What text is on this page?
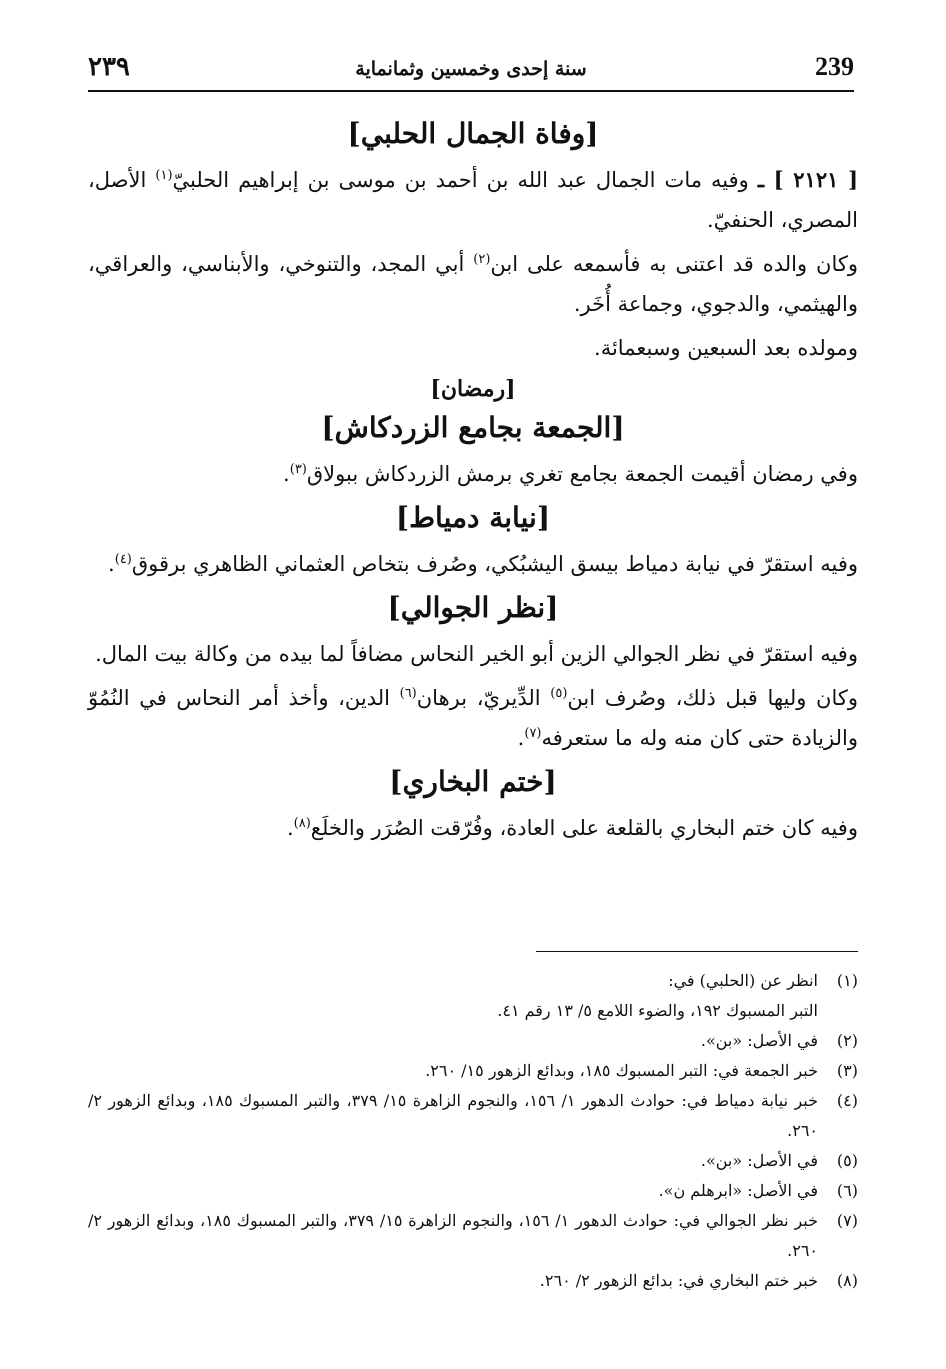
٢٣٩	سنة إحدى وخمسين وثمانماية	239
[وفاة الجمال الحلبي]

[ ٢١٢١ ] ـ وفيه مات الجمال عبد الله بن أحمد بن موسى بن إبراهيم الحلبيّ$^{(١)}$ الأصل، المصري، الحنفيّ.

وكان والده قد اعتنى به فأسمعه على ابن$^{(٢)}$ أبي المجد، والتنوخي، والأبناسي، والعراقي، والهيثمي، والدجوي، وجماعة أُخَر.

ومولده بعد السبعين وسبعمائة.

[رمضان]
[الجمعة بجامع الزردكاش]

وفي رمضان أقيمت الجمعة بجامع تغري برمش الزردكاش ببولاق$^{(٣)}$.

[نيابة دمياط]

وفيه استقرّ في نيابة دمياط بيسق اليشبُكي، وصُرف بتخاص العثماني الظاهري برقوق$^{(٤)}$.

[نظر الجوالي]

وفيه استقرّ في نظر الجوالي الزين أبو الخير النحاس مضافاً لما بيده من وكالة بيت المال.

وكان وليها قبل ذلك، وصُرف ابن$^{(٥)}$ الدِّيريّ، برهان$^{(٦)}$ الدين، وأخذ أمر النحاس في النُمُوّ والزيادة حتى كان منه وله ما ستعرفه$^{(٧)}$.

[ختم البخاري]

وفيه كان ختم البخاري بالقلعة على العادة، وفُرّقت الصُرَر والخلَع$^{(٨)}$.

(١)
انظر عن (الحلبي) في:
التبر المسبوك ١٩٢، والضوء اللامع ٥/ ١٣ رقم ٤١.
(٢)
في الأصل: «بن».
(٣)
خبر الجمعة في: التبر المسبوك ١٨٥، وبدائع الزهور ١٥/ ٢٦٠.
(٤)
خبر نيابة دمياط في: حوادث الدهور ١/ ١٥٦، والنجوم الزاهرة ١٥/ ٣٧٩، والتبر المسبوك ١٨٥، وبدائع الزهور ٢/ ٢٦٠.
(٥)
في الأصل: «بن».
(٦)
في الأصل: «ابرهلم ن».
(٧)
خبر نظر الجوالي في: حوادث الدهور ١/ ١٥٦، والنجوم الزاهرة ١٥/ ٣٧٩، والتبر المسبوك ١٨٥، وبدائع الزهور ٢/ ٢٦٠.
(٨)
خبر ختم البخاري في: بدائع الزهور ٢/ ٢٦٠.
